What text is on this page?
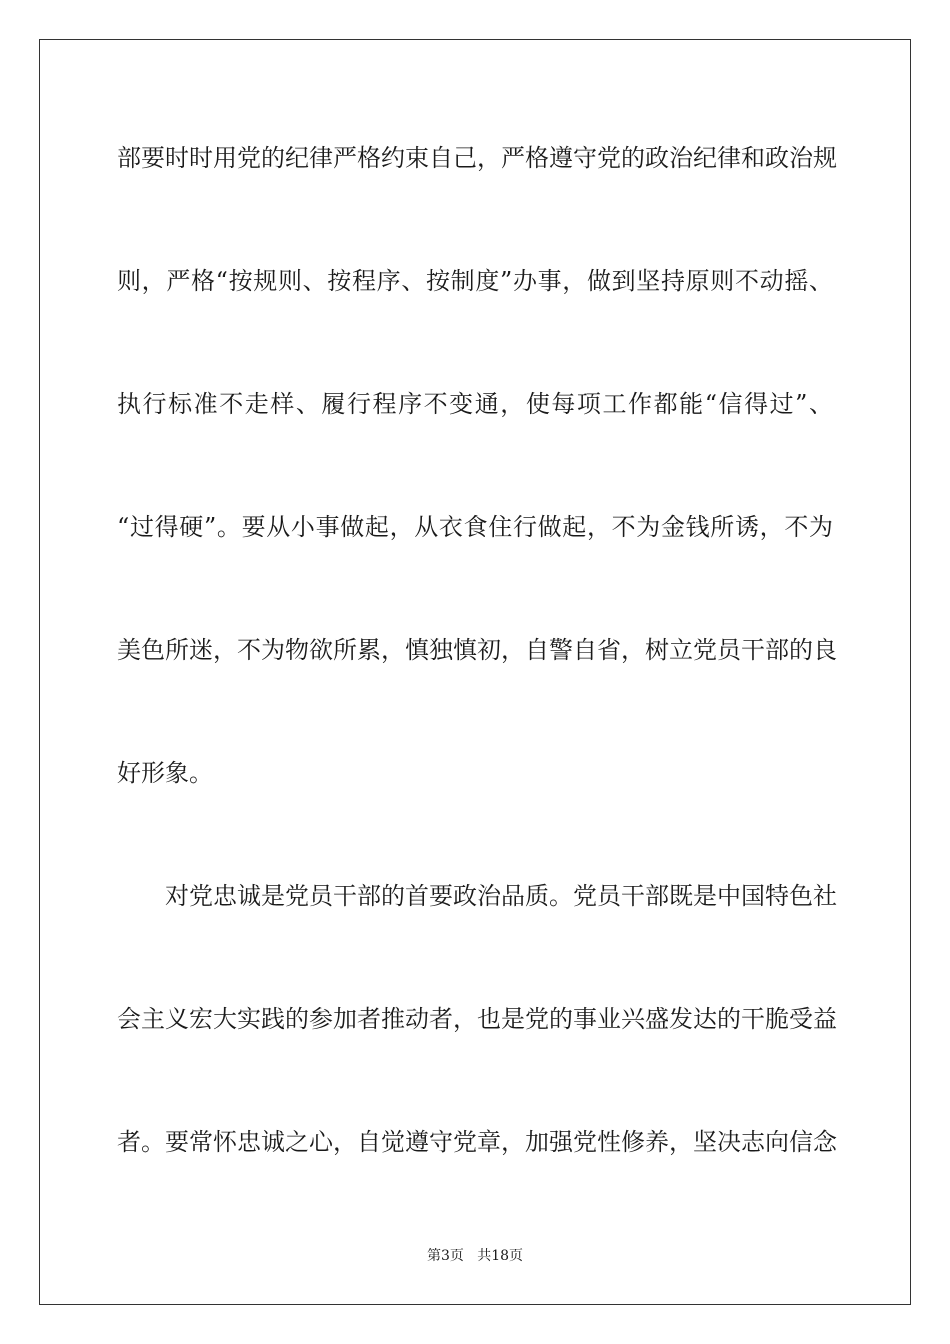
部要时时用党的纪律严格约束自己，严格遵守党的政治纪律和政治规
则，严格“按规则、按程序、按制度”办事，做到坚持原则不动摇、
执行标准不走样、履行程序不变通，使每项工作都能“信得过”、
“过得硬”。要从小事做起，从衣食住行做起，不为金钱所诱，不为
美色所迷，不为物欲所累，慎独慎初，自警自省，树立党员干部的良
好形象。
对党忠诚是党员干部的首要政治品质。党员干部既是中国特色社
会主义宏大实践的参加者推动者，也是党的事业兴盛发达的干脆受益
者。要常怀忠诚之心，自觉遵守党章，加强党性修养，坚决志向信念
第3页 共18页
